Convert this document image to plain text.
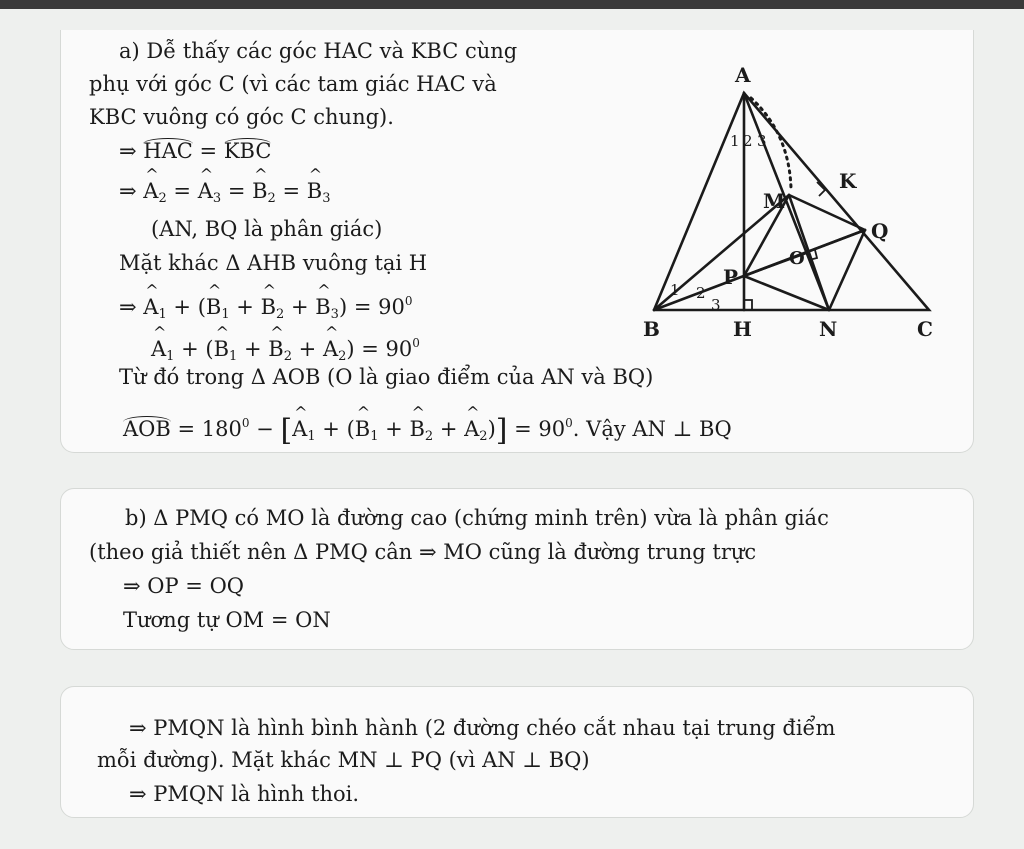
a) Dễ thấy các góc HAC và KBC cùng
phụ với góc C (vì các tam giác HAC và
KBC vuông có góc C chung).
⇒ HAC = KBC
⇒ ^ $A_2$ = ^ $A_3$ = ^ $B_2$ = ^ $B_3$
(AN, BQ là phân giác)
Mặt khác Δ AHB vuông tại H
⇒ ^ $A_1$ + (^ $B_1$ + ^ $B_2$ + ^ $B_3) = 90^0$
^ $A_1$ + (^ $B_1$ + ^ $B_2$ + ^ $A_2) = 90^0$
Từ đó trong Δ AOB (O là giao điểm của AN và BQ)
AOB = $180^0$ − [^ $A_1$ + (^ $B_1$ + ^ $B_2$ + ^ $A_2)] = 90^0$. Vậy AN ⊥ BQ
A
B	C
H	N
K
M
Q
O
P
1 2 3
1 2
3
b) Δ PMQ có MO là đường cao (chứng minh trên) vừa là phân giác
(theo giả thiết nên Δ PMQ cân ⇒ MO cũng là đường trung trực
⇒ OP = OQ
Tương tự OM = ON
⇒ PMQN là hình bình hành (2 đường chéo cắt nhau tại trung điểm
mỗi đường). Mặt khác MN ⊥ PQ (vì AN ⊥ BQ)
⇒ PMQN là hình thoi.
